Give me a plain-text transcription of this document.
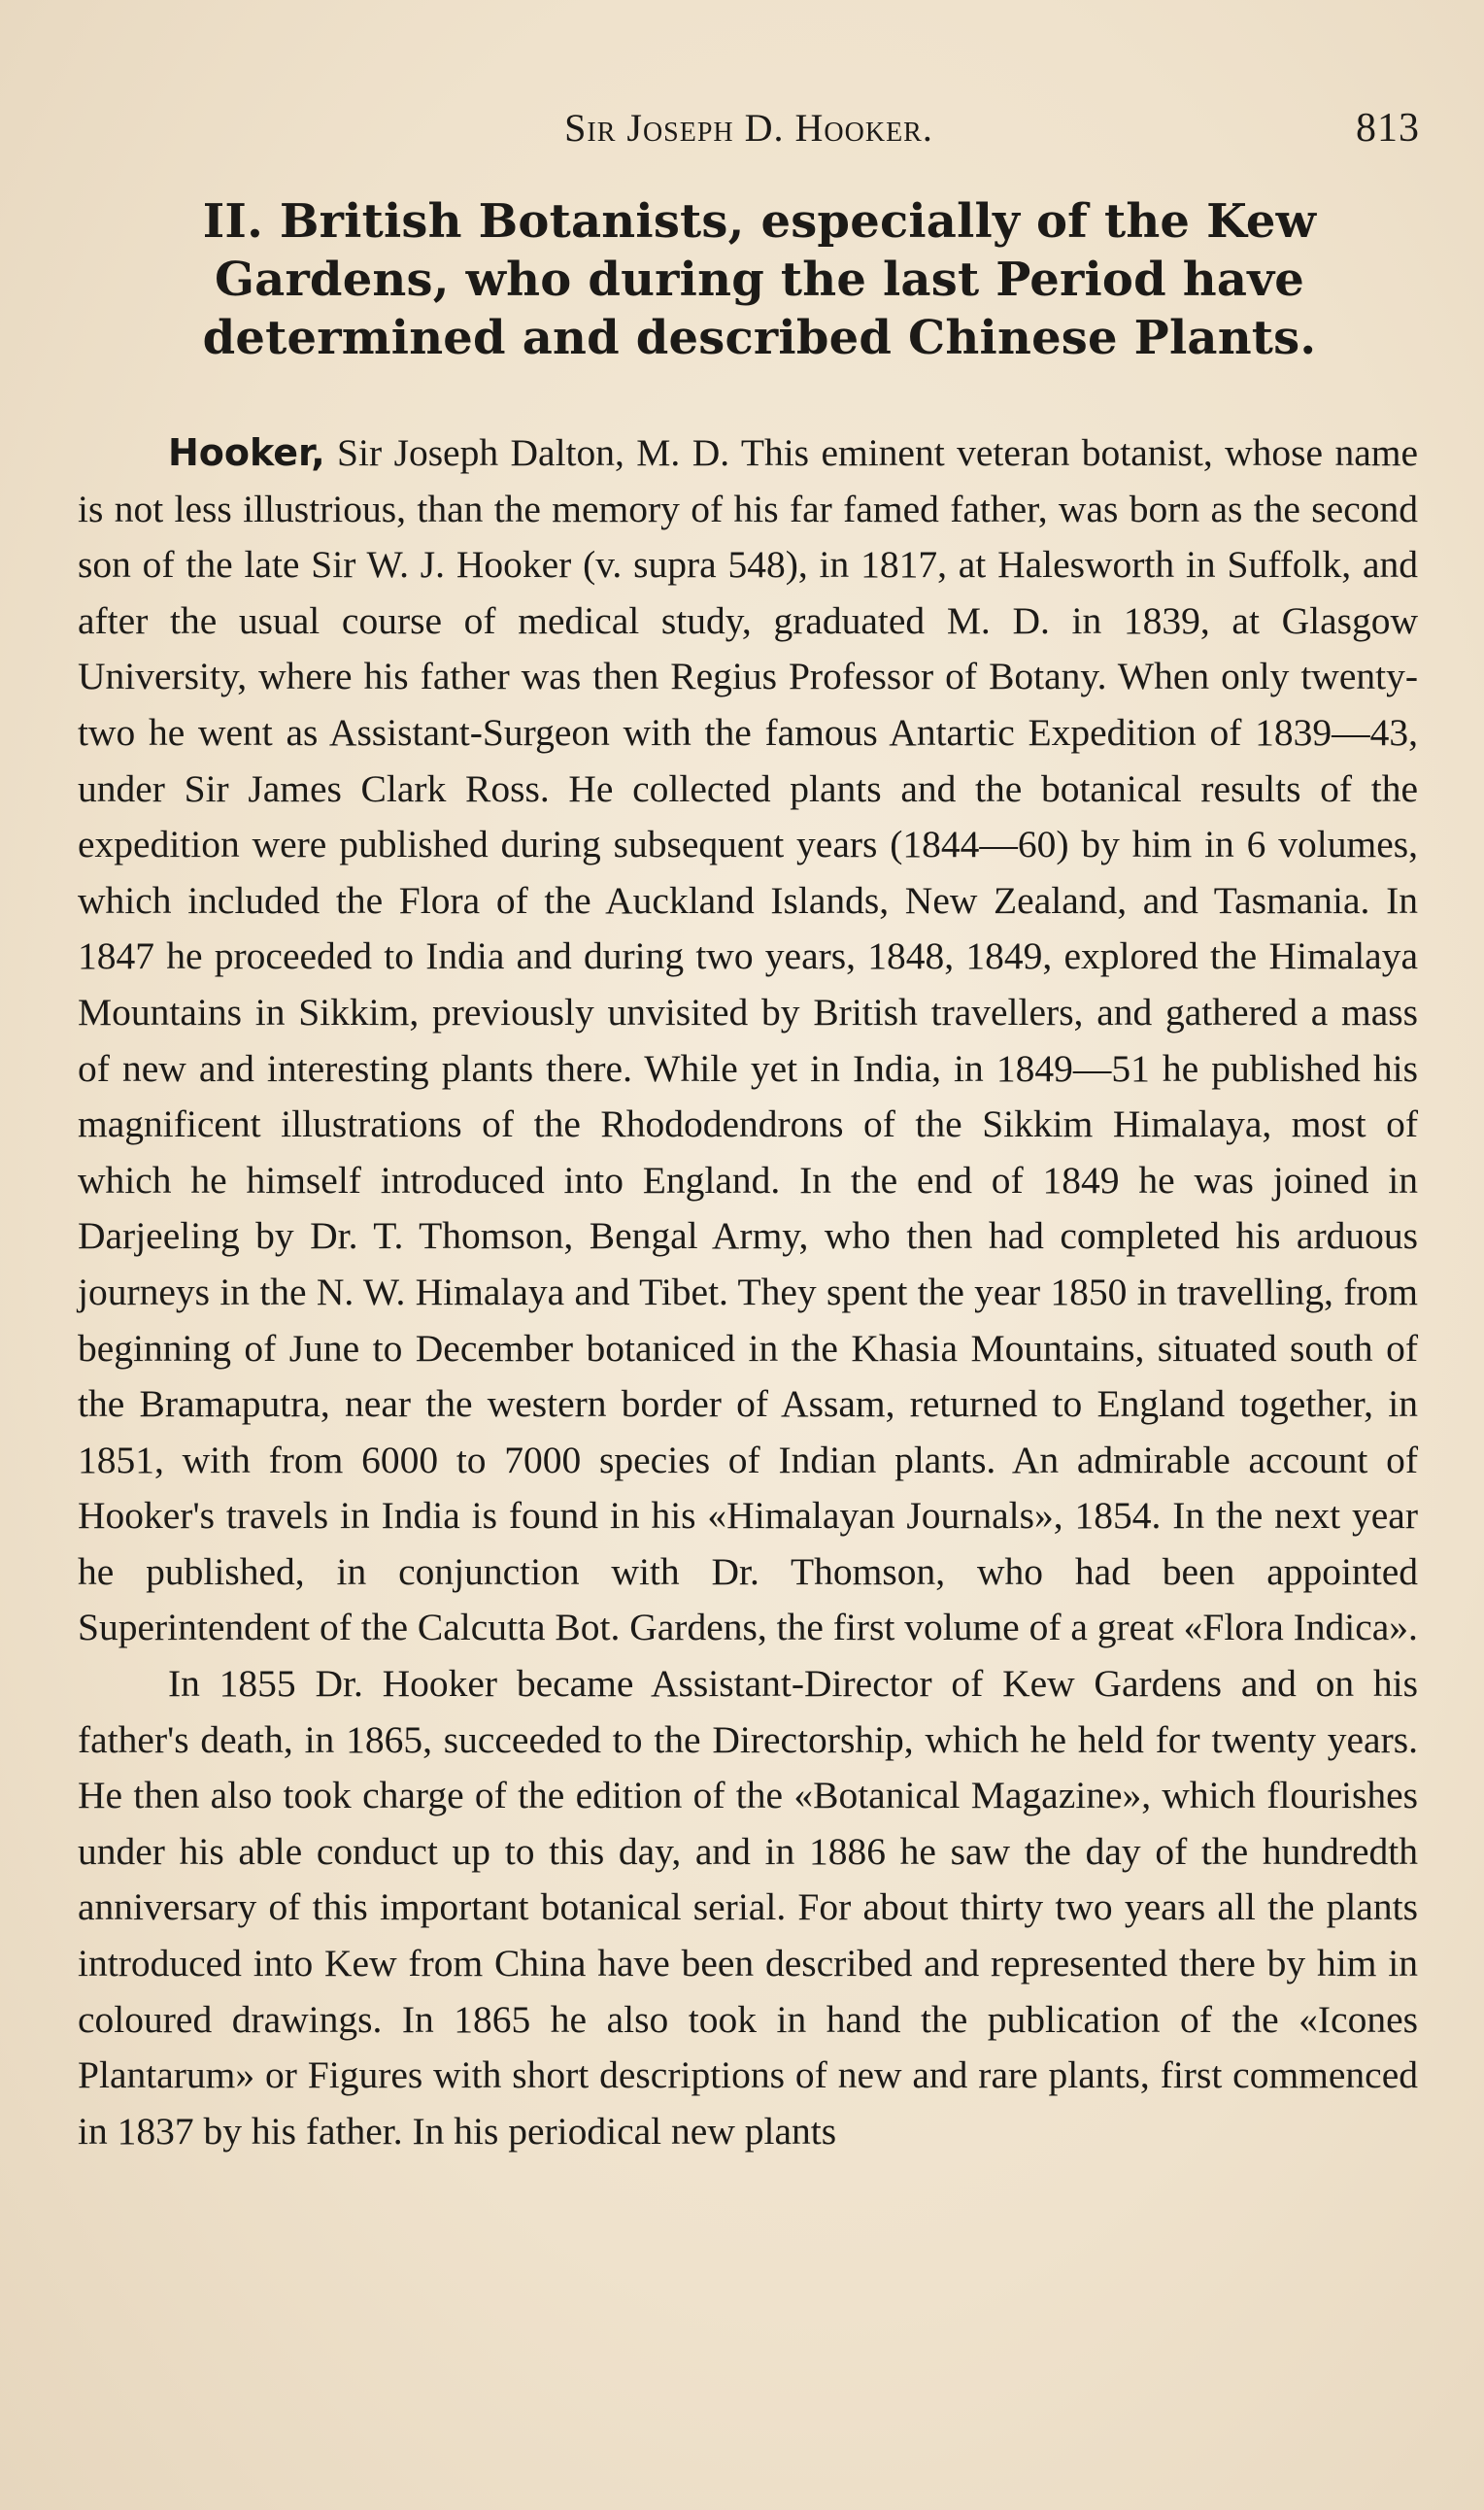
Sir Joseph D. Hooker.	813
II. British Botanists, especially of the Kew Gardens, who during the last Period have determined and described Chinese Plants.

Hooker, Sir Joseph Dalton, M. D. This eminent veteran botanist, whose name is not less illustrious, than the memory of his far famed father, was born as the second son of the late Sir W. J. Hooker (v. supra 548), in 1817, at Halesworth in Suffolk, and after the usual course of medical study, graduated M. D. in 1839, at Glasgow University, where his father was then Regius Professor of Botany. When only twenty-two he went as Assistant-Surgeon with the famous Antartic Expedition of 1839—43, under Sir James Clark Ross. He collected plants and the botanical results of the expedition were published during subsequent years (1844—60) by him in 6 volumes, which included the Flora of the Auckland Islands, New Zealand, and Tasmania. In 1847 he proceeded to India and during two years, 1848, 1849, explored the Himalaya Mountains in Sikkim, previously unvisited by British travellers, and gathered a mass of new and interesting plants there. While yet in India, in 1849—51 he published his magnificent illustrations of the Rhododendrons of the Sikkim Himalaya, most of which he himself introduced into England. In the end of 1849 he was joined in Darjeeling by Dr. T. Thomson, Bengal Army, who then had completed his arduous journeys in the N. W. Himalaya and Tibet. They spent the year 1850 in travelling, from beginning of June to December botaniced in the Khasia Mountains, situated south of the Bramaputra, near the western border of Assam, returned to England together, in 1851, with from 6000 to 7000 species of Indian plants. An admirable account of Hooker's travels in India is found in his «Himalayan Journals», 1854. In the next year he published, in conjunction with Dr. Thomson, who had been appointed Superintendent of the Calcutta Bot. Gardens, the first volume of a great «Flora Indica».

In 1855 Dr. Hooker became Assistant-Director of Kew Gardens and on his father's death, in 1865, succeeded to the Directorship, which he held for twenty years. He then also took charge of the edition of the «Botanical Magazine», which flourishes under his able conduct up to this day, and in 1886 he saw the day of the hundredth anniversary of this important botanical serial. For about thirty two years all the plants introduced into Kew from China have been described and represented there by him in coloured drawings. In 1865 he also took in hand the publication of the «Icones Plantarum» or Figures with short descriptions of new and rare plants, first commenced in 1837 by his father. In his periodical new plants
